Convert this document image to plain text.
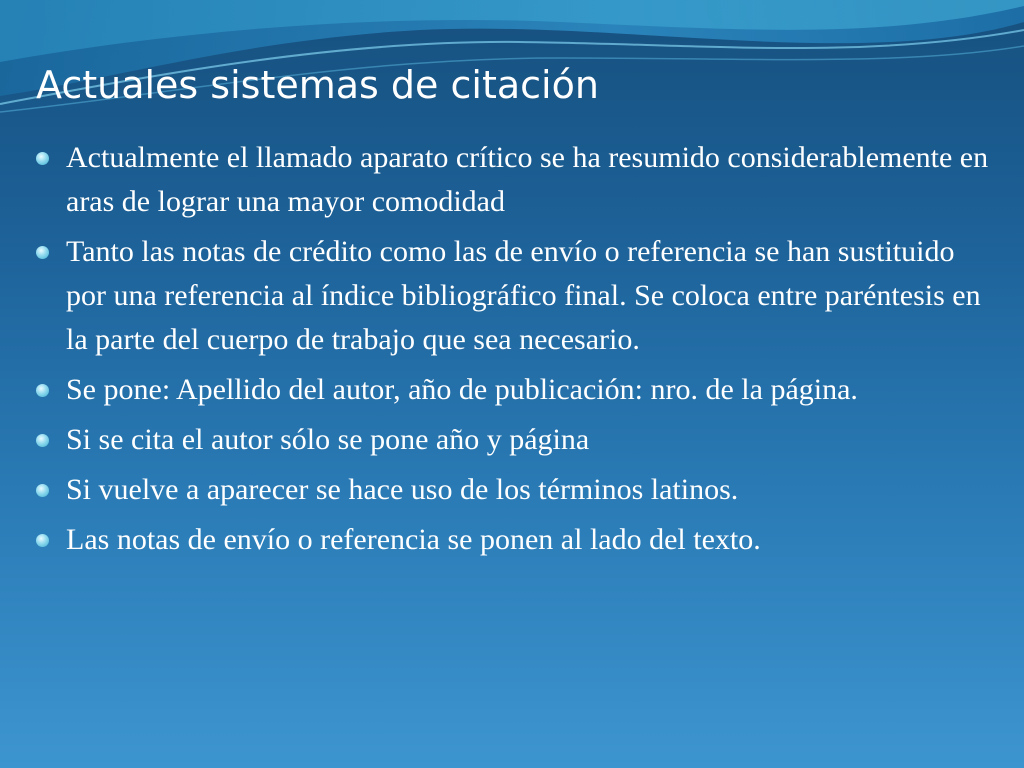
Actuales sistemas de citación
Actualmente el llamado aparato crítico se ha resumido considerablemente en aras de lograr una mayor comodidad
Tanto las notas de crédito como las de envío o referencia se han sustituido por una referencia al índice bibliográfico final. Se coloca entre paréntesis en la parte del cuerpo de trabajo que sea necesario.
Se pone: Apellido del autor, año de publicación: nro. de la página.
Si se cita el autor sólo se pone año y página
Si vuelve a aparecer se hace uso de los términos latinos.
Las notas de envío o referencia se ponen al lado del texto.
